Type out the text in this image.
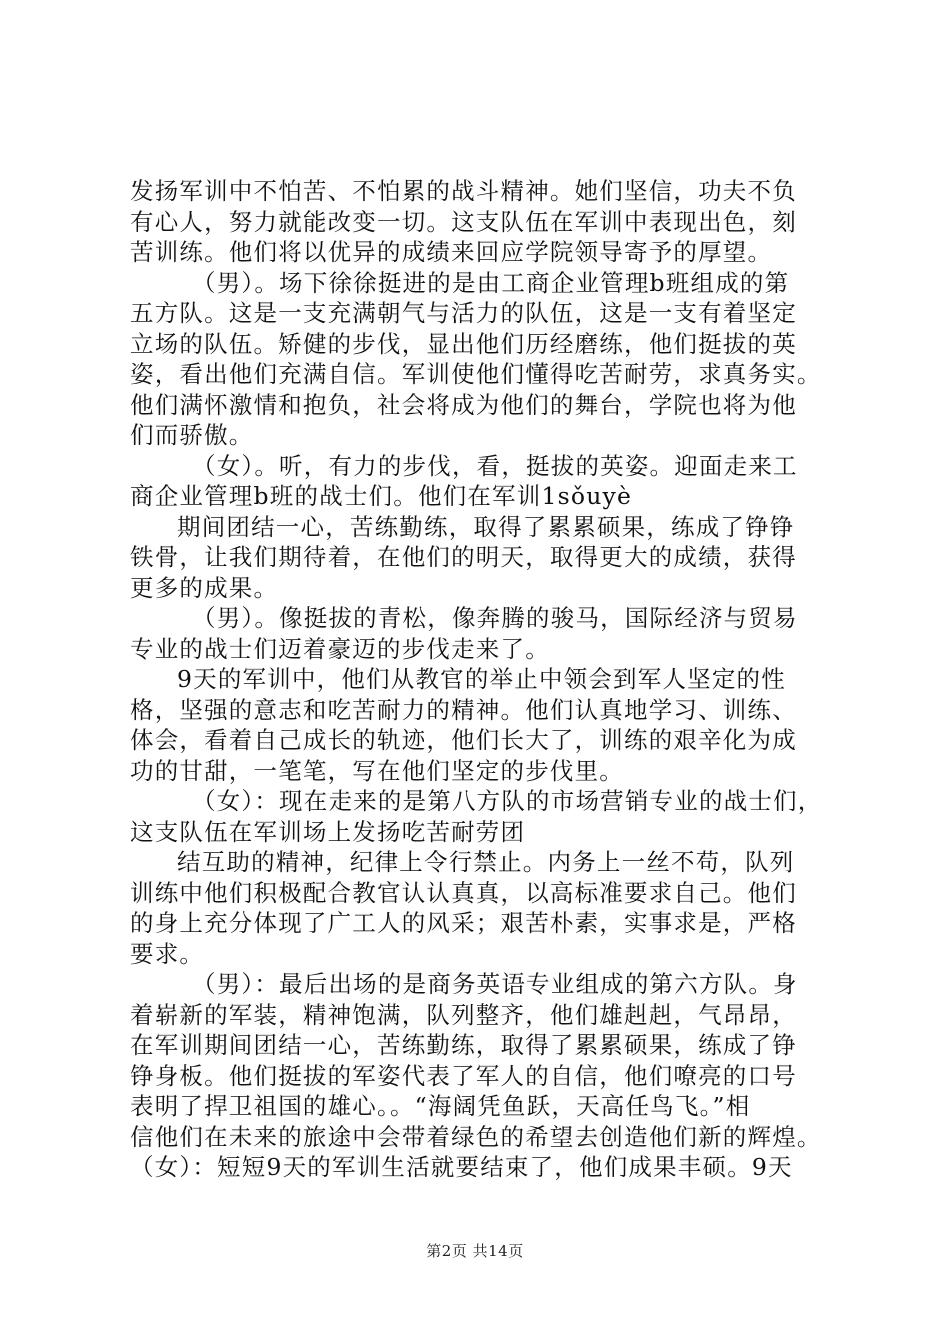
发扬军训中不怕苦、不怕累的战斗精神。她们坚信，功夫不负
有心人，努力就能改变一切。这支队伍在军训中表现出色，刻
苦训练。他们将以优异的成绩来回应学院领导寄予的厚望。
（男）。场下徐徐挺进的是由工商企业管理b班组成的第
五方队。这是一支充满朝气与活力的队伍，这是一支有着坚定
立场的队伍。矫健的步伐，显出他们历经磨练，他们挺拔的英
姿，看出他们充满自信。军训使他们懂得吃苦耐劳，求真务实。
他们满怀激情和抱负，社会将成为他们的舞台，学院也将为他
们而骄傲。
（女）。听，有力的步伐，看，挺拔的英姿。迎面走来工
商企业管理b班的战士们。他们在军训1sǒuyè
期间团结一心，苦练勤练，取得了累累硕果，练成了铮铮
铁骨，让我们期待着，在他们的明天，取得更大的成绩，获得
更多的成果。
（男）。像挺拔的青松，像奔腾的骏马，国际经济与贸易
专业的战士们迈着豪迈的步伐走来了。
9天的军训中，他们从教官的举止中领会到军人坚定的性
格，坚强的意志和吃苦耐力的精神。他们认真地学习、训练、
体会，看着自己成长的轨迹，他们长大了，训练的艰辛化为成
功的甘甜，一笔笔，写在他们坚定的步伐里。
（女）：现在走来的是第八方队的市场营销专业的战士们，
这支队伍在军训场上发扬吃苦耐劳团
结互助的精神，纪律上令行禁止。内务上一丝不苟，队列
训练中他们积极配合教官认认真真，以高标准要求自己。他们
的身上充分体现了广工人的风采；艰苦朴素，实事求是，严格
要求。
（男）：最后出场的是商务英语专业组成的第六方队。身
着崭新的军装，精神饱满，队列整齐，他们雄赳赳，气昂昂，
在军训期间团结一心，苦练勤练，取得了累累硕果，练成了铮
铮身板。他们挺拔的军姿代表了军人的自信，他们嘹亮的口号
表明了捍卫祖国的雄心。。“海阔凭鱼跃，天高任鸟飞。”相
信他们在未来的旅途中会带着绿色的希望去创造他们新的辉煌。
（女）：短短9天的军训生活就要结束了，他们成果丰硕。9天
第2页 共14页
